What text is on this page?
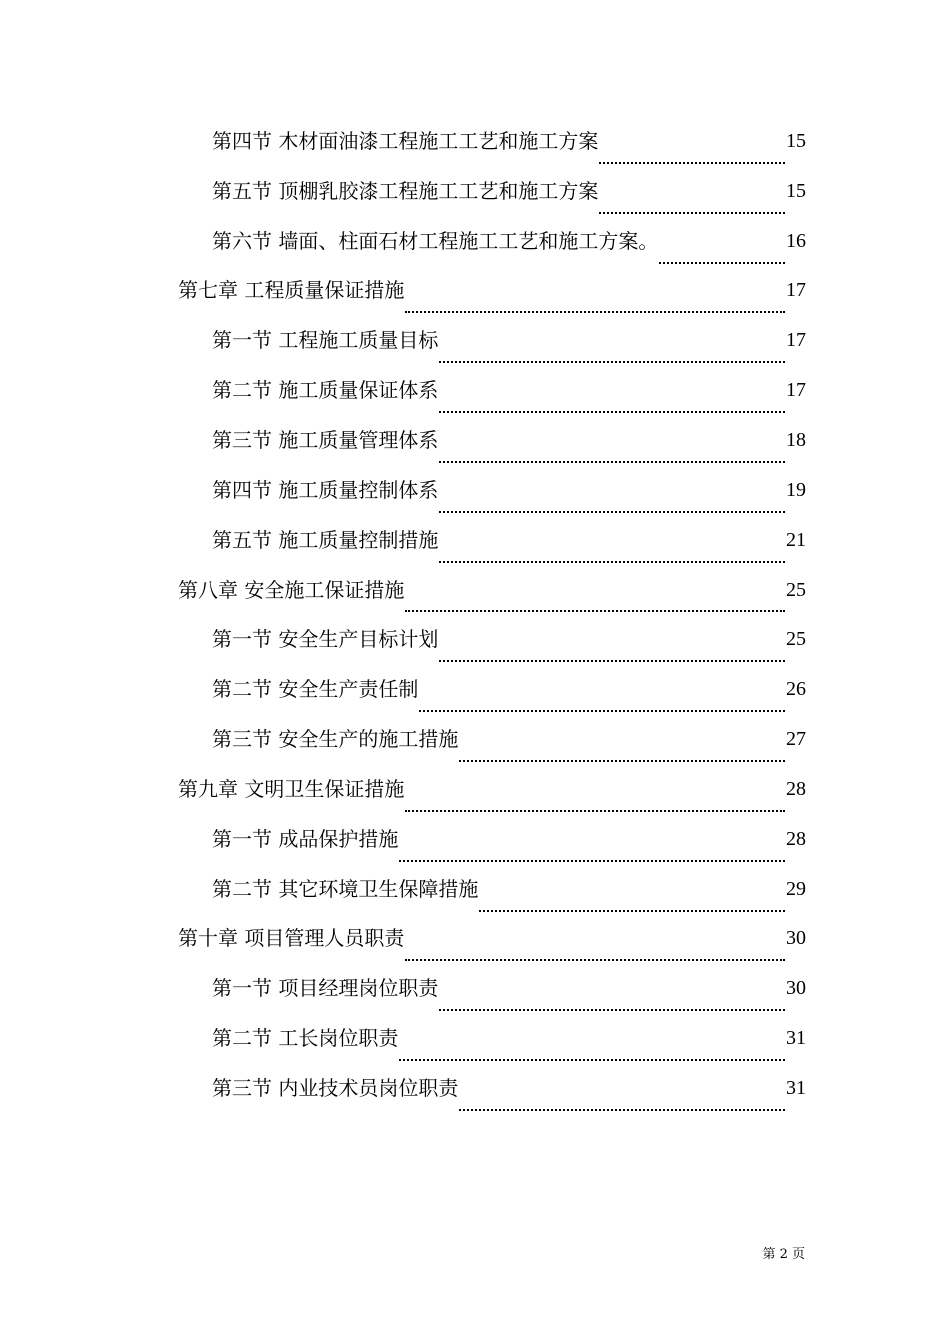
第四节 木材面油漆工程施工工艺和施工方案	15
第五节 顶棚乳胶漆工程施工工艺和施工方案	15
第六节 墙面、柱面石材工程施工工艺和施工方案。	16
第七章 工程质量保证措施	17
第一节 工程施工质量目标	17
第二节 施工质量保证体系	17
第三节 施工质量管理体系	18
第四节 施工质量控制体系	19
第五节 施工质量控制措施	21
第八章 安全施工保证措施	25
第一节 安全生产目标计划	25
第二节 安全生产责任制	26
第三节 安全生产的施工措施	27
第九章 文明卫生保证措施	28
第一节 成品保护措施	28
第二节 其它环境卫生保障措施	29
第十章 项目管理人员职责	30
第一节 项目经理岗位职责	30
第二节 工长岗位职责	31
第三节 内业技术员岗位职责	31
第 2 页
